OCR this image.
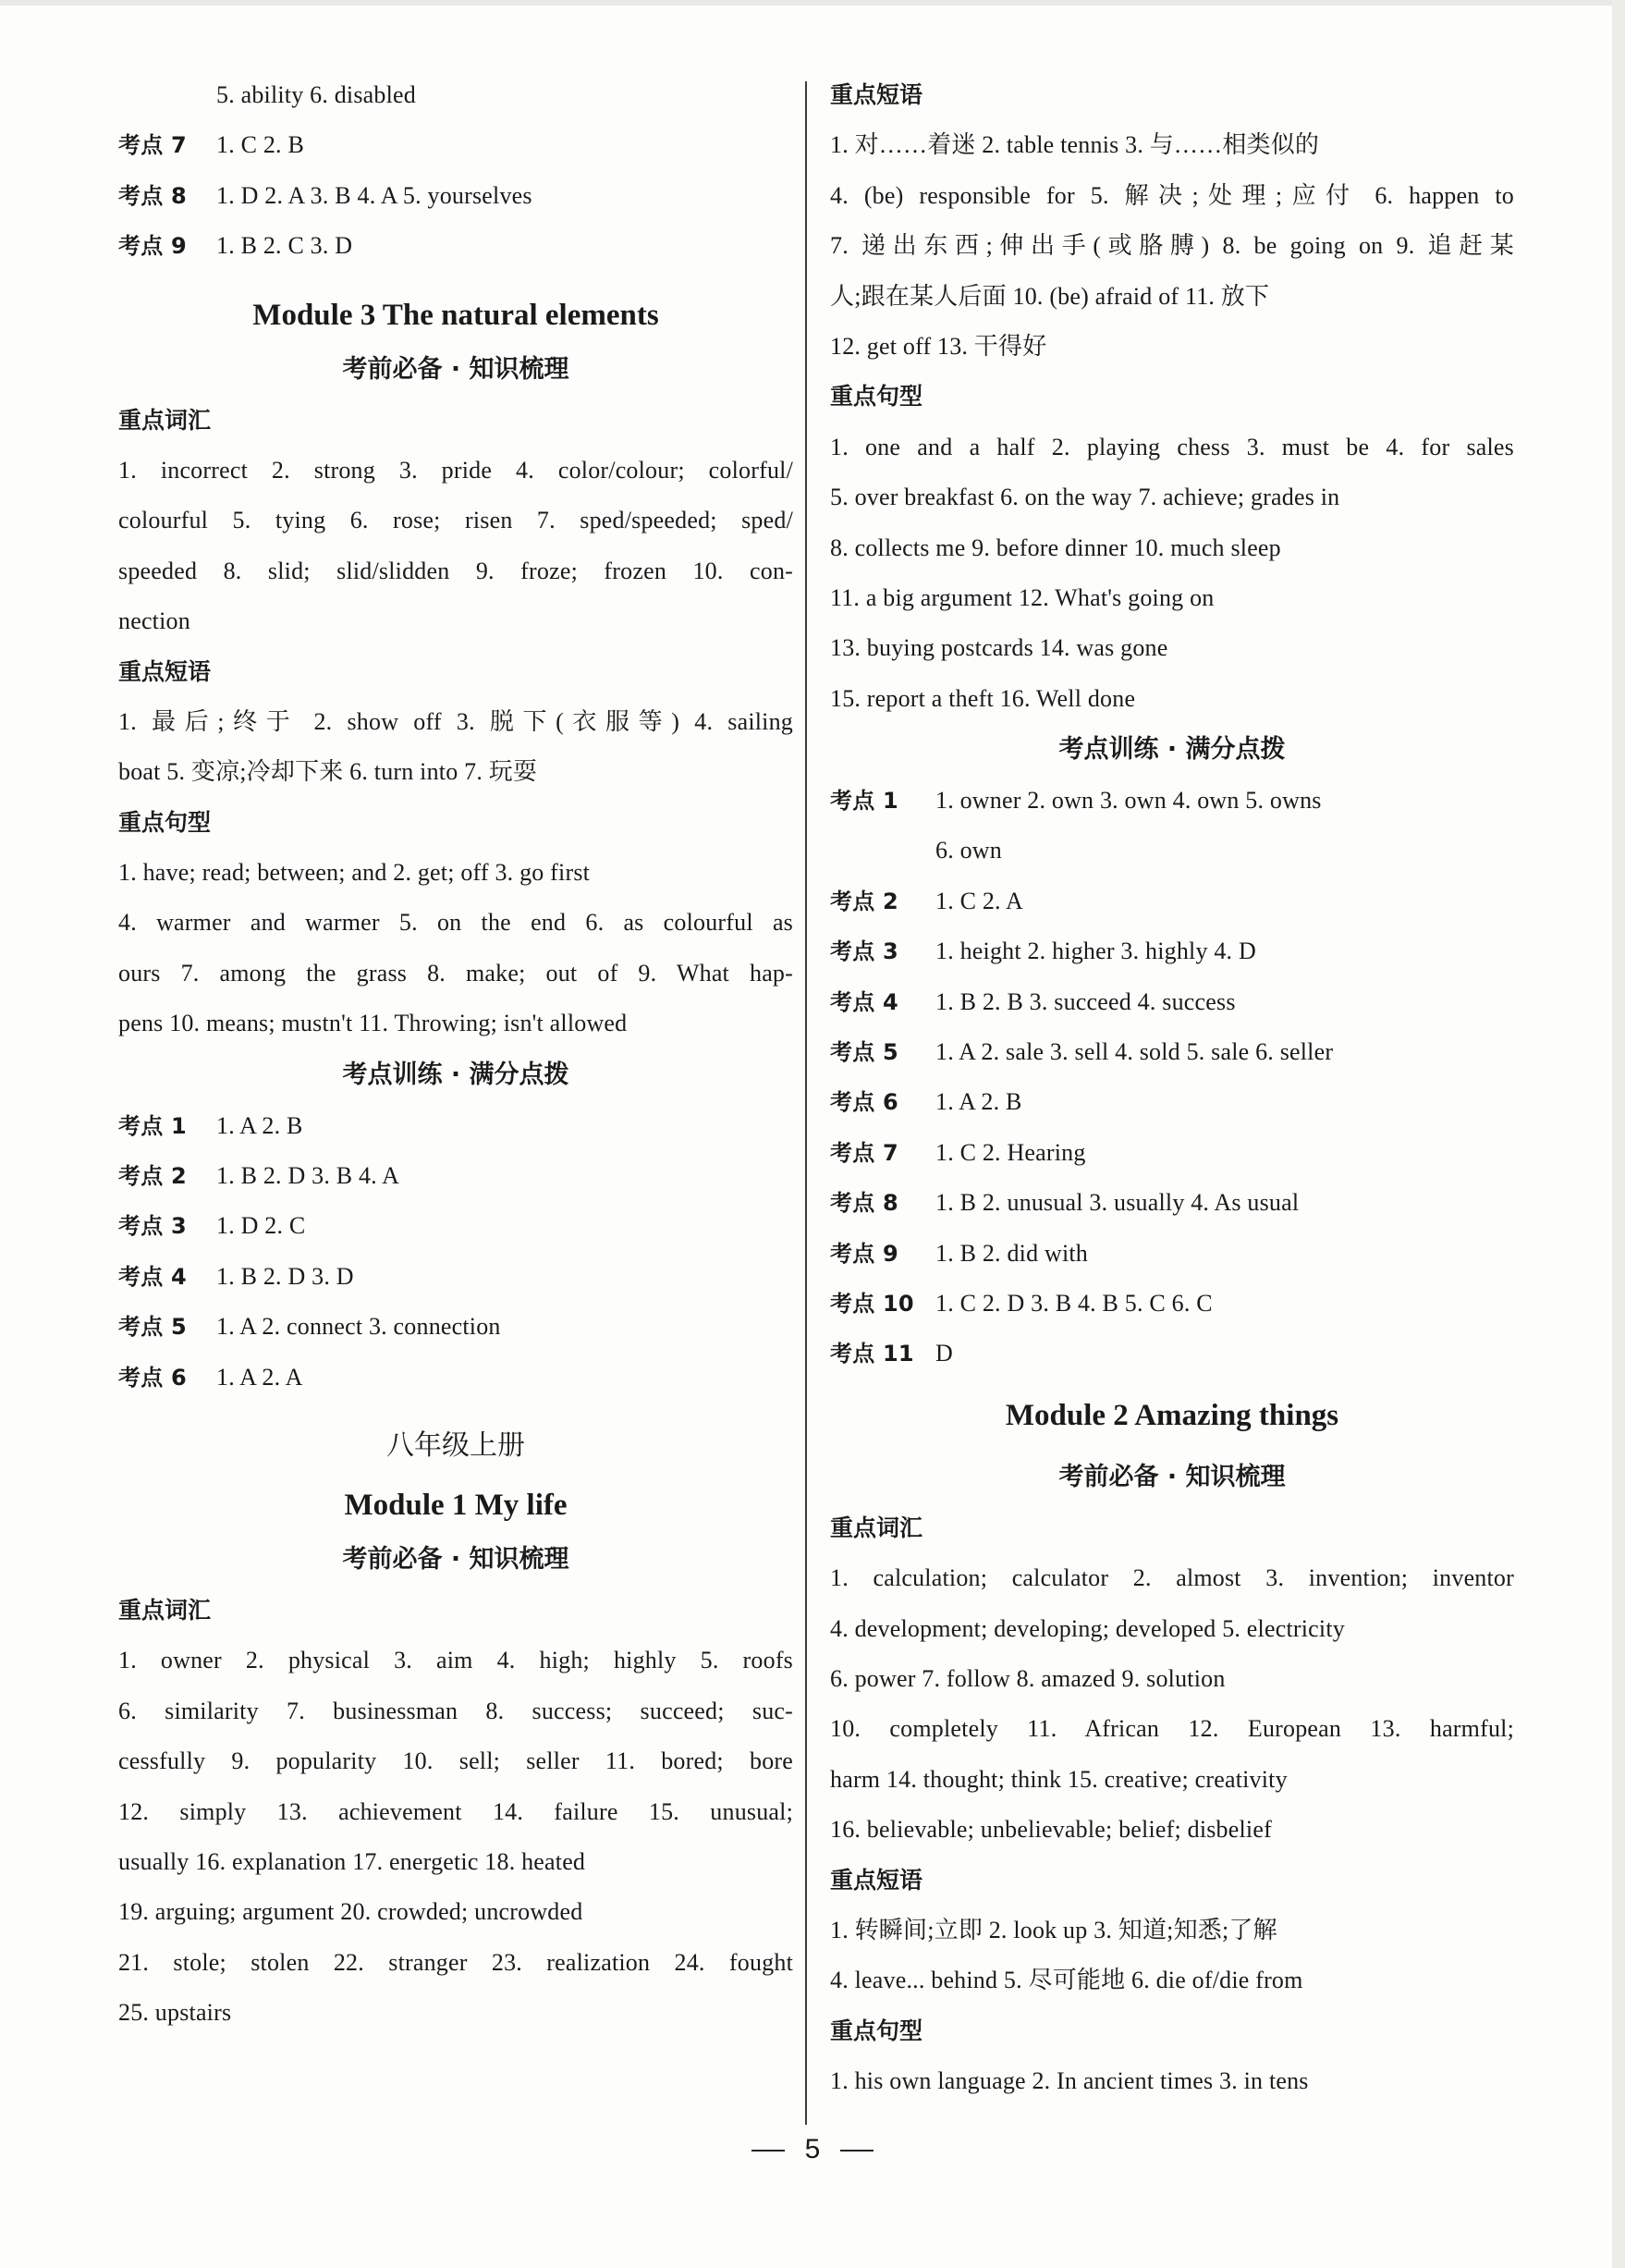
5. ability 6. disabled
考点 7 1. C 2. B
考点 8 1. D 2. A 3. B 4. A 5. yourselves
考点 9 1. B 2. C 3. D
Module 3 The natural elements
考前必备 · 知识梳理
重点词汇
1. incorrect 2. strong 3. pride 4. color/colour; colorful/
colourful 5. tying 6. rose; risen 7. sped/speeded; sped/
speeded 8. slid; slid/slidden 9. froze; frozen 10. con-
nection
重点短语
1. 最后;终于 2. show off 3. 脱下(衣服等) 4. sailing
boat 5. 变凉;冷却下来 6. turn into 7. 玩耍
重点句型
1. have; read; between; and 2. get; off 3. go first
4. warmer and warmer 5. on the end 6. as colourful as
ours 7. among the grass 8. make; out of 9. What hap-
pens 10. means; mustn't 11. Throwing; isn't allowed
考点训练 · 满分点拨
考点 1 1. A 2. B
考点 2 1. B 2. D 3. B 4. A
考点 3 1. D 2. C
考点 4 1. B 2. D 3. D
考点 5 1. A 2. connect 3. connection
考点 6 1. A 2. A
八年级上册
Module 1 My life
考前必备 · 知识梳理
重点词汇
1. owner 2. physical 3. aim 4. high; highly 5. roofs
6. similarity 7. businessman 8. success; succeed; suc-
cessfully 9. popularity 10. sell; seller 11. bored; bore
12. simply 13. achievement 14. failure 15. unusual;
usually 16. explanation 17. energetic 18. heated
19. arguing; argument 20. crowded; uncrowded
21. stole; stolen 22. stranger 23. realization 24. fought
25. upstairs
重点短语
1. 对……着迷 2. table tennis 3. 与……相类似的
4. (be) responsible for 5. 解决;处理;应付 6. happen to
7. 递出东西;伸出手(或胳膊) 8. be going on 9. 追赶某
人;跟在某人后面 10. (be) afraid of 11. 放下
12. get off 13. 干得好
重点句型
1. one and a half 2. playing chess 3. must be 4. for sales
5. over breakfast 6. on the way 7. achieve; grades in
8. collects me 9. before dinner 10. much sleep
11. a big argument 12. What's going on
13. buying postcards 14. was gone
15. report a theft 16. Well done
考点训练 · 满分点拨
考点 1 1. owner 2. own 3. own 4. own 5. owns
6. own
考点 2 1. C 2. A
考点 3 1. height 2. higher 3. highly 4. D
考点 4 1. B 2. B 3. succeed 4. success
考点 5 1. A 2. sale 3. sell 4. sold 5. sale 6. seller
考点 6 1. A 2. B
考点 7 1. C 2. Hearing
考点 8 1. B 2. unusual 3. usually 4. As usual
考点 9 1. B 2. did with
考点 10 1. C 2. D 3. B 4. B 5. C 6. C
考点 11 D
Module 2 Amazing things
考前必备 · 知识梳理
重点词汇
1. calculation; calculator 2. almost 3. invention; inventor
4. development; developing; developed 5. electricity
6. power 7. follow 8. amazed 9. solution
10. completely 11. African 12. European 13. harmful;
harm 14. thought; think 15. creative; creativity
16. believable; unbelievable; belief; disbelief
重点短语
1. 转瞬间;立即 2. look up 3. 知道;知悉;了解
4. leave... behind 5. 尽可能地 6. die of/die from
重点句型
1. his own language 2. In ancient times 3. in tens
5
